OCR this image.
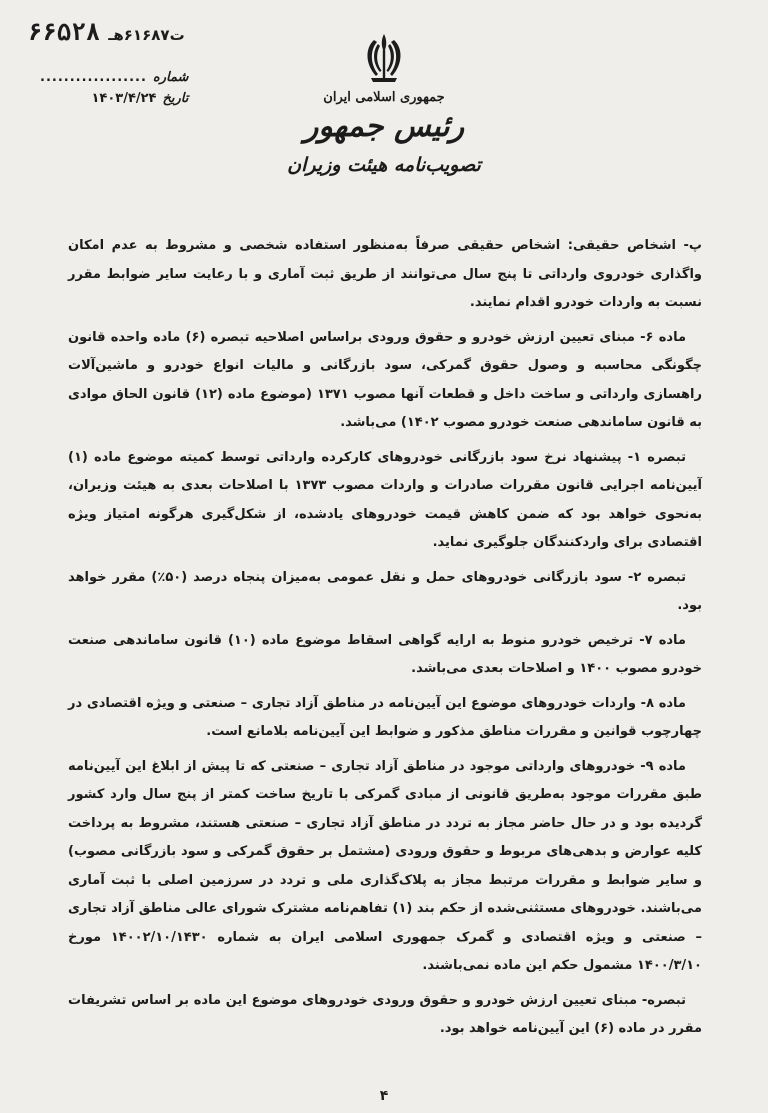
ت۶۱۶۸۷هـ
۶۶۵۲۸
شماره
..................
تاریخ
۱۴۰۳/۴/۲۴	جمهوری اسلامی ایران
رئیس جمهور
تصویب‌نامه هیئت وزیران

پ- اشخاص حقیقی: اشخاص حقیقی صرفاً به‌منظور استفاده شخصی و مشروط به عدم امکان واگذاری خودروی وارداتی تا پنج سال می‌توانند از طریق ثبت آماری و با رعایت سایر ضوابط مقرر نسبت به واردات خودرو اقدام نمایند.

ماده ۶- مبنای تعیین ارزش خودرو و حقوق ورودی براساس اصلاحیه تبصره (۶) ماده واحده قانون چگونگی محاسبه و وصول حقوق گمرکی، سود بازرگانی و مالیات انواع خودرو و ماشین‌آلات راهسازی وارداتی و ساخت داخل و قطعات آنها مصوب ۱۳۷۱ (موضوع ماده (۱۲) قانون الحاق موادی به قانون ساماندهی صنعت خودرو مصوب ۱۴۰۲) می‌باشد.

تبصره ۱- پیشنهاد نرخ سود بازرگانی خودروهای کارکرده وارداتی توسط کمیته موضوع ماده (۱) آیین‌نامه اجرایی قانون مقررات صادرات و واردات مصوب ۱۳۷۳ با اصلاحات بعدی به هیئت وزیران، به‌نحوی خواهد بود که ضمن کاهش قیمت خودروهای یادشده، از شکل‌گیری هرگونه امتیاز ویژه اقتصادی برای واردکنندگان جلوگیری نماید.

تبصره ۲- سود بازرگانی خودروهای حمل و نقل عمومی به‌میزان پنجاه درصد (۵۰٪) مقرر خواهد بود.

ماده ۷- ترخیص خودرو منوط به ارایه گواهی اسقاط موضوع ماده (۱۰) قانون ساماندهی صنعت خودرو مصوب ۱۴۰۰ و اصلاحات بعدی می‌باشد.

ماده ۸- واردات خودروهای موضوع این آیین‌نامه در مناطق آزاد تجاری – صنعتی و ویژه اقتصادی در چهارچوب قوانین و مقررات مناطق مذکور و ضوابط این آیین‌نامه بلامانع است.

ماده ۹- خودروهای وارداتی موجود در مناطق آزاد تجاری – صنعتی که تا پیش از ابلاغ این آیین‌نامه طبق مقررات موجود به‌طریق قانونی از مبادی گمرکی با تاریخ ساخت کمتر از پنج سال وارد کشور گردیده بود و در حال حاضر مجاز به تردد در مناطق آزاد تجاری – صنعتی هستند، مشروط به پرداخت کلیه عوارض و بدهی‌های مربوط و حقوق ورودی (مشتمل بر حقوق گمرکی و سود بازرگانی مصوب) و سایر ضوابط و مقررات مرتبط مجاز به پلاک‌گذاری ملی و تردد در سرزمین اصلی با ثبت آماری می‌باشند. خودروهای مستثنی‌شده از حکم بند (۱) تفاهم‌نامه مشترک شورای عالی مناطق آزاد تجاری – صنعتی و ویژه اقتصادی و گمرک جمهوری اسلامی ایران به شماره ۱۴۰۰۲/۱۰/۱۴۳۰ مورخ ۱۴۰۰/۳/۱۰ مشمول حکم این ماده نمی‌باشند.

تبصره- مبنای تعیین ارزش خودرو و حقوق ورودی خودروهای موضوع این ماده بر اساس تشریفات مقرر در ماده (۶) این آیین‌نامه خواهد بود.

۴
